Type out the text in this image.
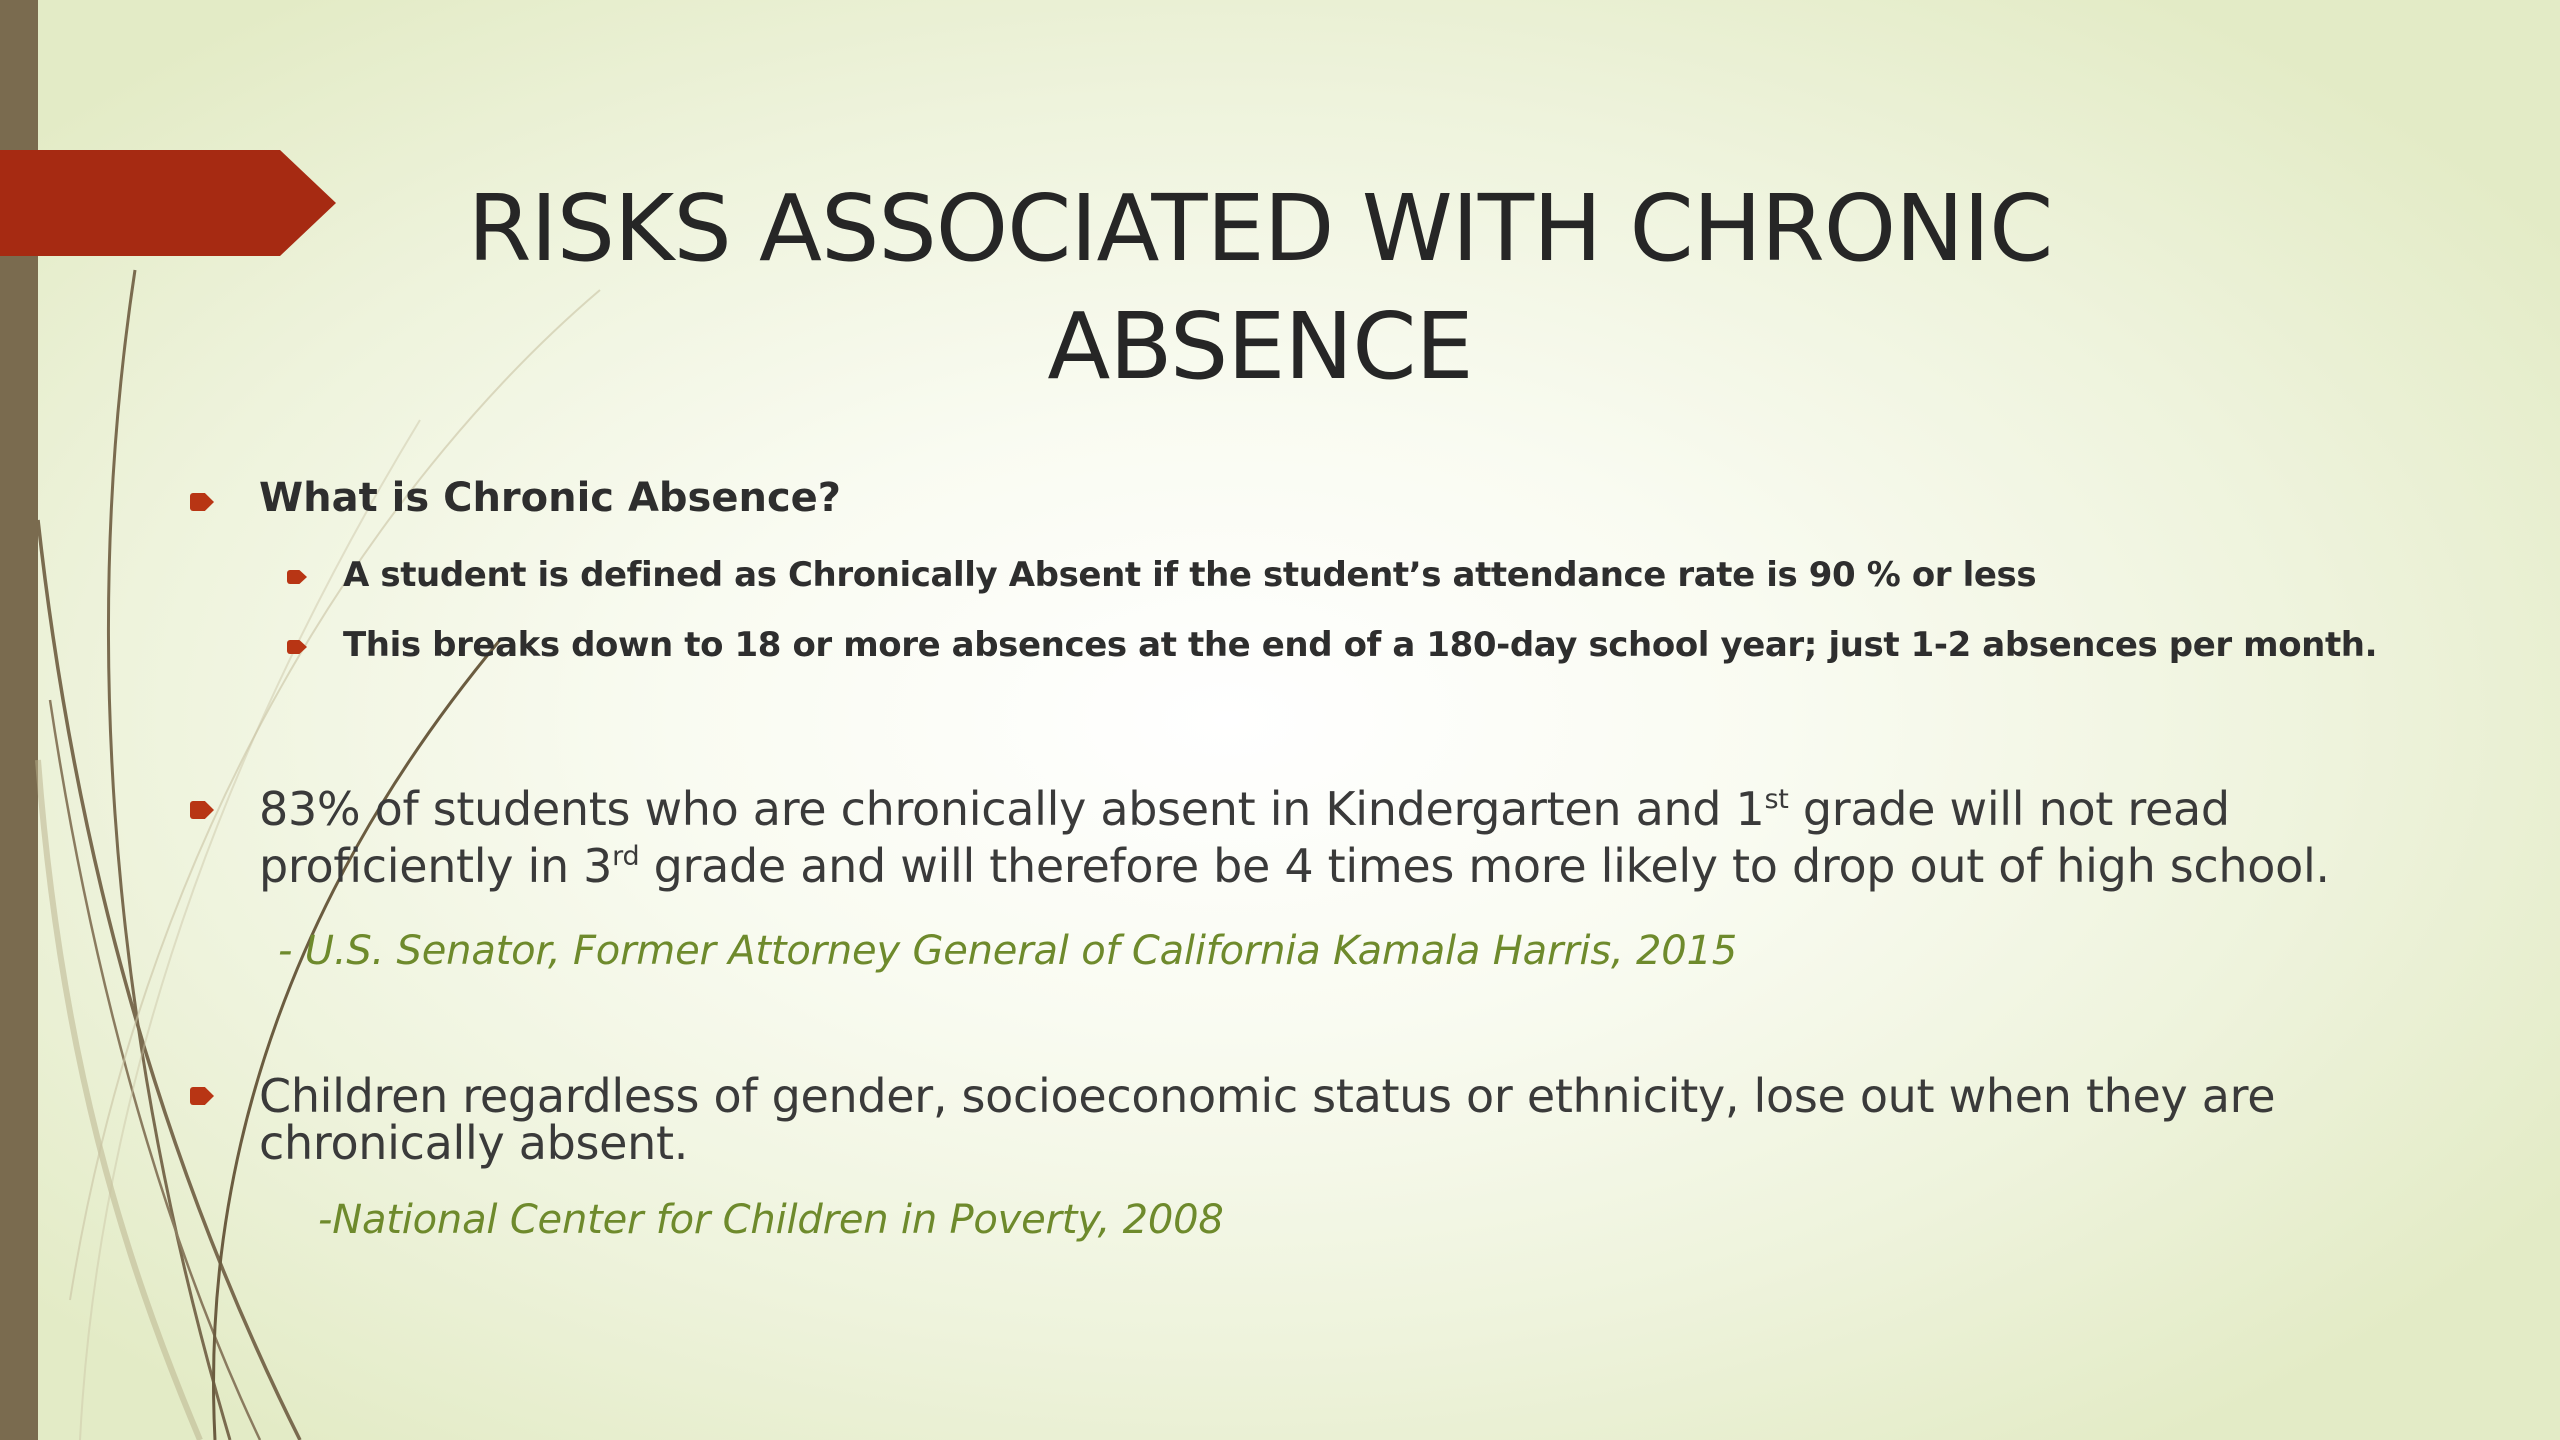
RISKS ASSOCIATED WITH CHRONIC
ABSENCE
What is Chronic Absence?
A student is defined as Chronically Absent if the student’s attendance rate is 90 % or less
This breaks down to 18 or more absences at the end of a 180-day school year; just 1-2 absences per month.
83% of students who are chronically absent in Kindergarten and 1st grade will not read
proficiently in 3rd grade and will therefore be 4 times more likely to drop out of high school.
- U.S. Senator, Former Attorney General of California Kamala Harris, 2015
Children regardless of gender, socioeconomic status or ethnicity, lose out when they are
chronically absent.
-National Center for Children in Poverty, 2008
